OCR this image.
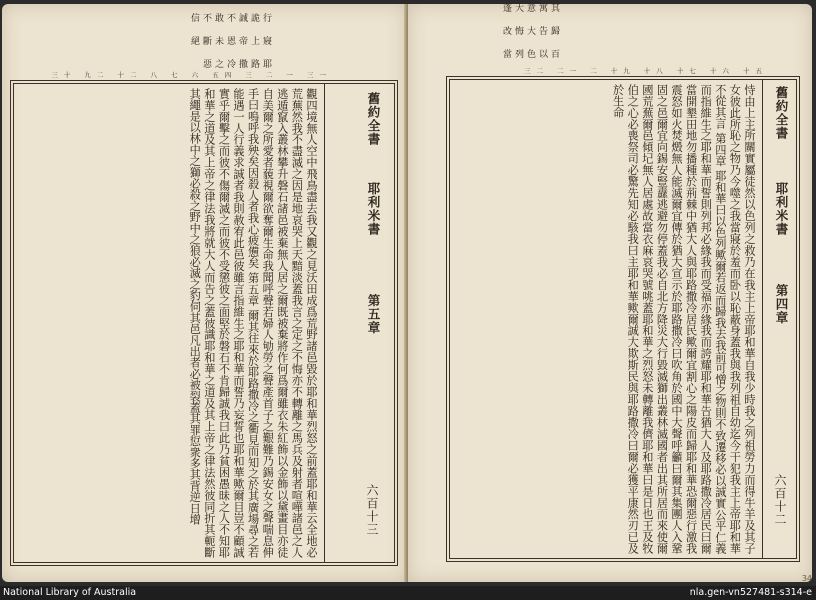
耶路撒冷之惡
寢上帝恩未斷絕
行詭誠不敢不信
三十 九二 十二 八 七 六 五四 三 二 一 三一
觀四境無人空中飛鳥盡去我又觀之見沃田成爲荒野諸邑毀於耶和華烈怒之前蓋耶和華云全地必荒蕪然我不盡滅之因是地哀哭上天黯淡蓋我言之定之不悔亦不轉離之馬兵及射者喧嘩諸邑之人逃遁竄入叢林攀升磐石諸邑被棄無人居之爾既被棄將作何爲爾雖衣朱紅飾以金飾以黛畫目亦徒自美爾之所愛者藐視爾欲奪爾生命我聞呼聲若婦人劬勞之聲產首子之艱難乃錫安女之聲喘息伸手曰嗚呼我殃矣因殺人者我心疲憊矣 第五章 爾其往來於耶路撒冷之衢見而知之於其廣場尋之若能遇一人行義求誠者我則赦宥此邑彼雖言指維生之耶和華而誓乃妄誓也耶和華歟爾目豈不顧誠實乎爾擊之而彼不傷爾滅之而彼不受懲彼之面堅於磐石不肯歸誠我曰此乃貧困愚昧之人不知耶和華之道及其上帝之律法我將就大人而告之蓋彼識耶和華之道及其上帝之律法然彼同折其軛斷其繩是以林中之獅必殺之野中之狼必滅之豹伺其邑凡出者必被裂蓋其罪愆衆多其背逆日增	舊約全書
耶利米書
第五章
六百十三
百以色列當
歸告大悔改
其寓意大蓬
三二 二一 二 十九 十八 十七 十六 十五
恃由上主所關實屬徒然以色列之救乃在我主上帝耶和華自我少時我之列祖勞力而得牛羊及其子女彼此所恥之物乃今噬之我當寢於羞而卧以恥蔽身蓋我與我列祖自幼迄今干犯我主上帝耶和華不從其言 第四章 耶和華曰以色列歟爾若返而歸我去我前可憎之物則不致遷移必以誠實公平仁義而指維生之耶和華而誓則列邦必緣我而受福亦緣我而誇耀耶和華告猶大人及耶路撒冷居民曰爾當開墾田地勿播種於荊棘中猶大人與耶路撒冷居民歟爾宜割心之陽皮而歸耶和華恐爾惡行激我震怒如火焚燬無人能滅爾宜傳於猶大宣示於耶路撒冷曰吹角於國中大聲呼籲曰爾其集團人入鞏固之邑爾宜向錫安豎纛逃避勿停蓋我必自北方降災大行毀滅獅出叢林滅國者出其所居而來使爾國荒蕪爾邑傾圮無人居處故當衣麻哀哭號咷蓋耶和華之烈怒未轉離我儕耶和華曰是日也王及牧伯之心必喪祭司必驚先知必駭我曰主耶和華歟爾誠大欺斯民與耶路撒冷曰爾必獲平康然刃已及於生命	舊約全書
耶利米書
第四章
六百十二
34
National Library of Australia	nla.gen-vn527481-s314-e
